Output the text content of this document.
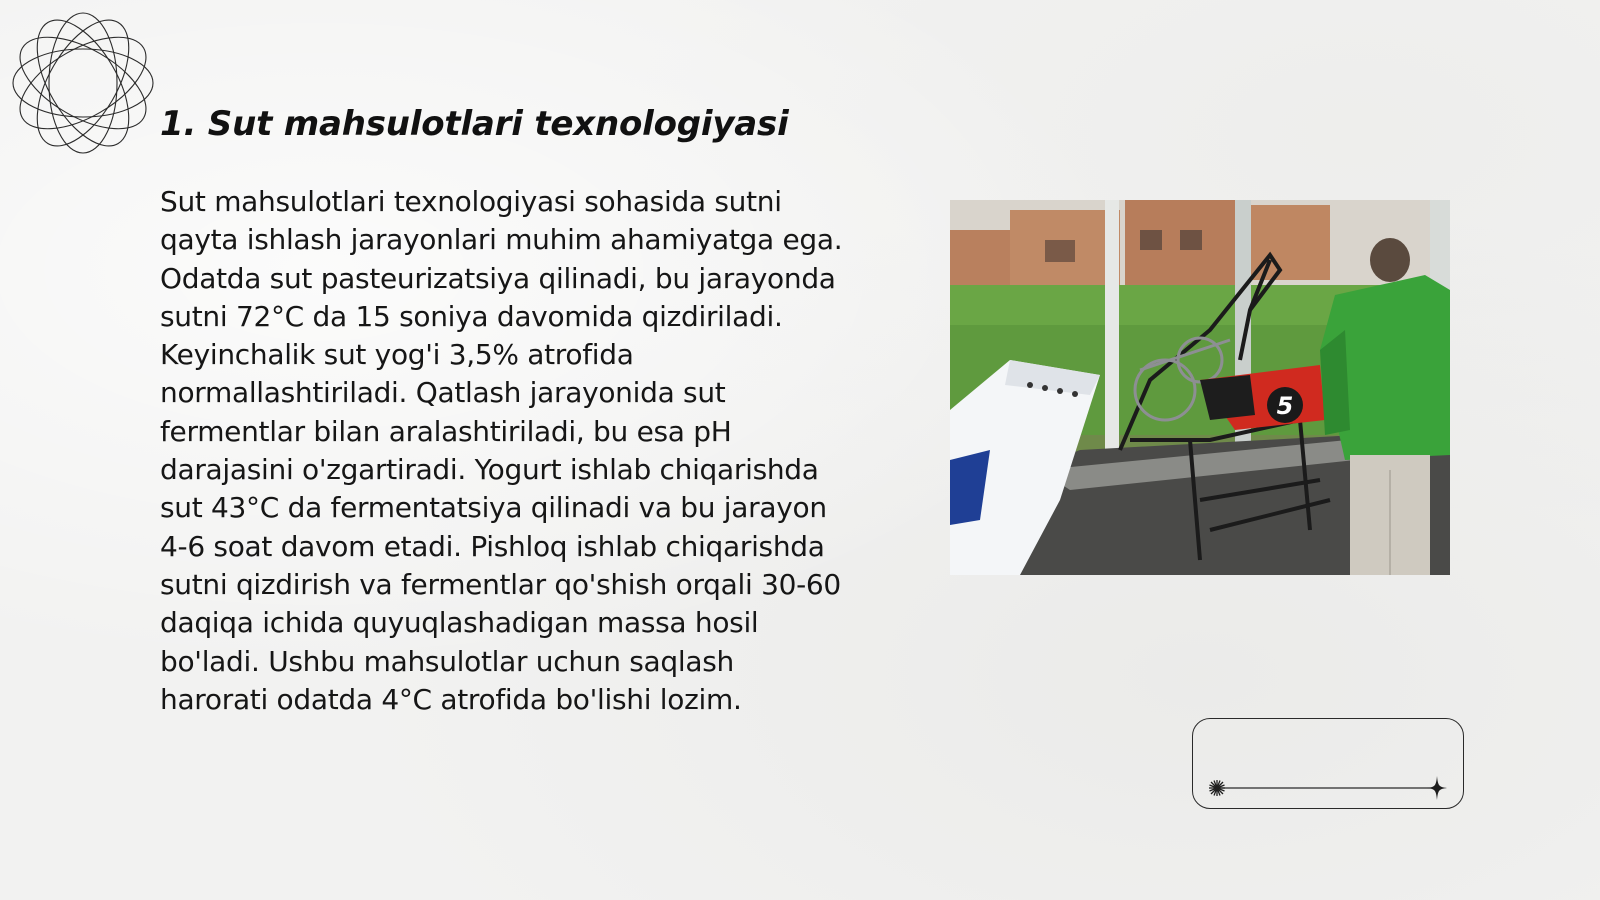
1. Sut mahsulotlari texnologiyasi

Sut mahsulotlari texnologiyasi sohasida sutni qayta ishlash jarayonlari muhim ahamiyatga ega. Odatda sut pasteurizatsiya qilinadi, bu jarayonda sutni 72°C da 15 soniya davomida qizdiriladi. Keyinchalik sut yog'i 3,5% atrofida normallashtiriladi. Qatlash jarayonida sut fermentlar bilan aralashtiriladi, bu esa pH darajasini o'zgartiradi. Yogurt ishlab chiqarishda sut 43°C da fermentatsiya qilinadi va bu jarayon 4-6 soat davom etadi. Pishloq ishlab chiqarishda sutni qizdirish va fermentlar qo'shish orqali 30-60 daqiqa ichida quyuqlashadigan massa hosil bo'ladi. Ushbu mahsulotlar uchun saqlash harorati odatda 4°C atrofida bo'lishi lozim.

5
